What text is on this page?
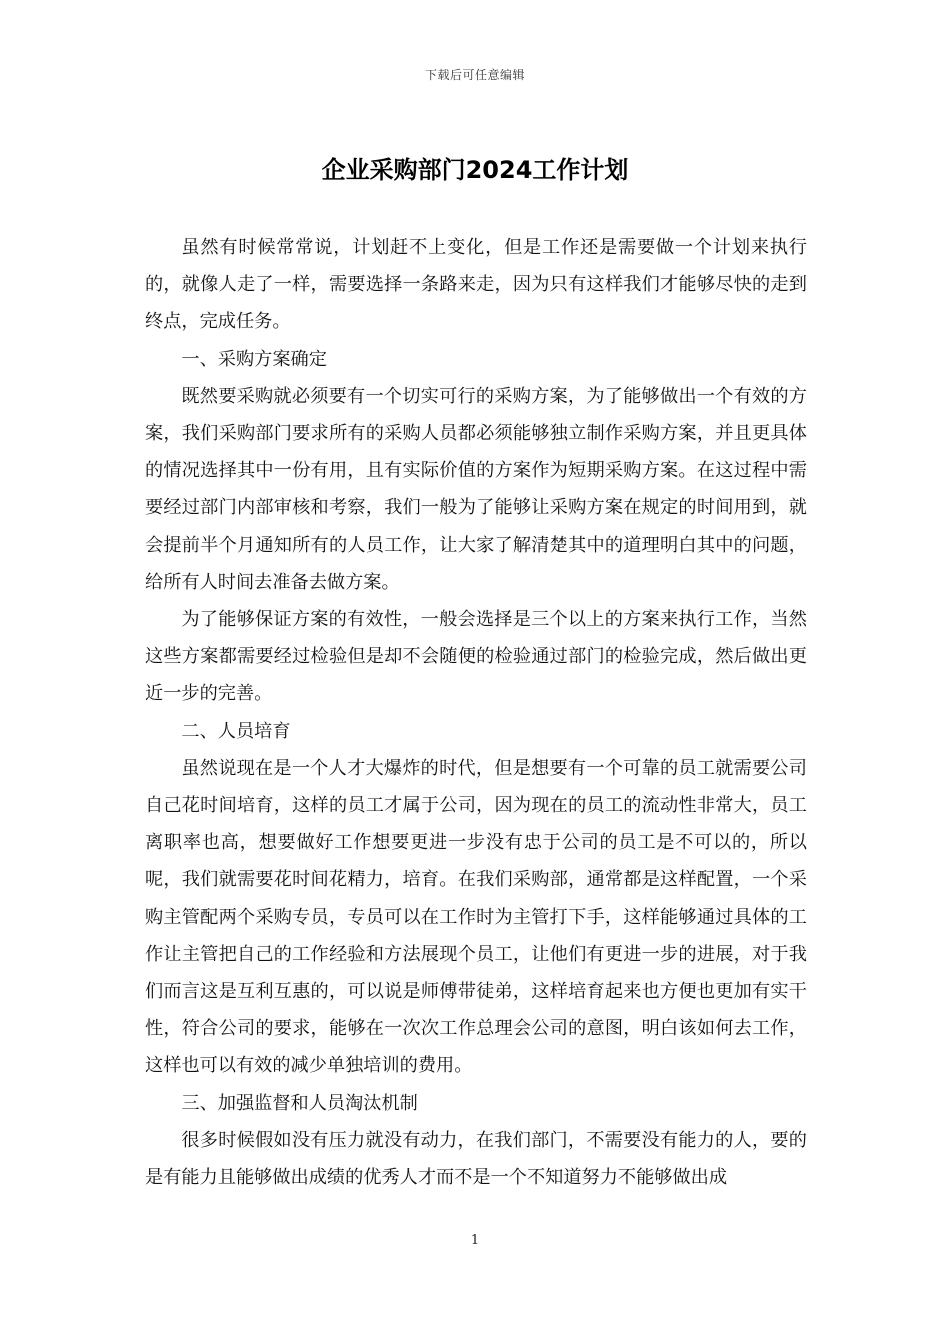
下载后可任意编辑
企业采购部门2024工作计划

虽然有时候常常说，计划赶不上变化，但是工作还是需要做一个计划来执行的，就像人走了一样，需要选择一条路来走，因为只有这样我们才能够尽快的走到终点，完成任务。

一、采购方案确定

既然要采购就必须要有一个切实可行的采购方案，为了能够做出一个有效的方案，我们采购部门要求所有的采购人员都必须能够独立制作采购方案，并且更具体的情况选择其中一份有用，且有实际价值的方案作为短期采购方案。在这过程中需要经过部门内部审核和考察，我们一般为了能够让采购方案在规定的时间用到，就会提前半个月通知所有的人员工作，让大家了解清楚其中的道理明白其中的问题，给所有人时间去准备去做方案。

为了能够保证方案的有效性，一般会选择是三个以上的方案来执行工作，当然这些方案都需要经过检验但是却不会随便的检验通过部门的检验完成，然后做出更近一步的完善。

二、人员培育

虽然说现在是一个人才大爆炸的时代，但是想要有一个可靠的员工就需要公司自己花时间培育，这样的员工才属于公司，因为现在的员工的流动性非常大，员工离职率也高，想要做好工作想要更进一步没有忠于公司的员工是不可以的，所以呢，我们就需要花时间花精力，培育。在我们采购部，通常都是这样配置，一个采购主管配两个采购专员，专员可以在工作时为主管打下手，这样能够通过具体的工作让主管把自己的工作经验和方法展现个员工，让他们有更进一步的进展，对于我们而言这是互利互惠的，可以说是师傅带徒弟，这样培育起来也方便也更加有实干性，符合公司的要求，能够在一次次工作总理会公司的意图，明白该如何去工作，这样也可以有效的减少单独培训的费用。

三、加强监督和人员淘汰机制

很多时候假如没有压力就没有动力，在我们部门，不需要没有能力的人，要的是有能力且能够做出成绩的优秀人才而不是一个不知道努力不能够做出成

1
